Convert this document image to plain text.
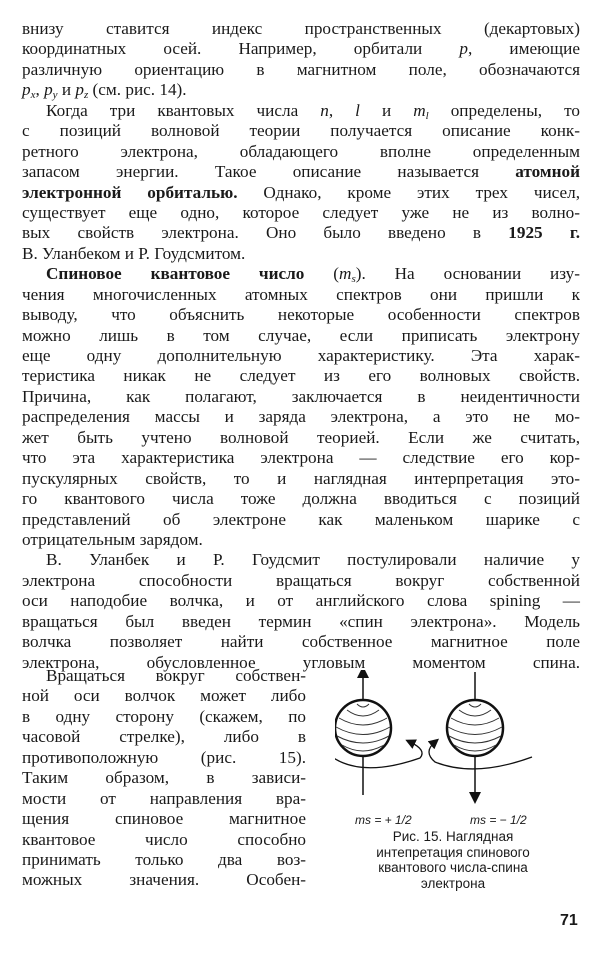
внизу ставится индекс пространственных (декартовых)
координатных осей. Например, орбитали p, имеющие
различную ориентацию в магнитном поле, обозначаются
$p_x$, $p_y$ и $p_z$ (см. рис. 14).
Когда три квантовых числа n, l и $m_l$ определены, то
с позиций волновой теории получается описание конк-
ретного электрона, обладающего вполне определенным
запасом энергии. Такое описание называется атомной
электронной орбиталью. Однако, кроме этих трех чисел,
существует еще одно, которое следует уже не из волно-
вых свойств электрона. Оно было введено в 1925 г.
В. Уланбеком и Р. Гоудсмитом.
Спиновое квантовое число $(m_s)$. На основании изу-
чения многочисленных атомных спектров они пришли к
выводу, что объяснить некоторые особенности спектров
можно лишь в том случае, если приписать электрону
еще одну дополнительную характеристику. Эта харак-
теристика никак не следует из его волновых свойств.
Причина, как полагают, заключается в неидентичности
распределения массы и заряда электрона, а это не мо-
жет быть учтено волновой теорией. Если же считать,
что эта характеристика электрона — следствие его кор-
пускулярных свойств, то и наглядная интерпретация это-
го квантового числа тоже должна вводиться с позиций
представлений об электроне как маленьком шарике с
отрицательным зарядом.
В. Уланбек и Р. Гоудсмит постулировали наличие у
электрона способности вращаться вокруг собственной
оси наподобие волчка, и от английского слова spining —
вращаться был введен термин «спин электрона». Модель
волчка позволяет найти собственное магнитное поле
электрона, обусловленное угловым моментом спина.
Вращаться вокруг собствен-
ной оси волчок может либо
в одну сторону (скажем, по
часовой стрелке), либо в
противоположную (рис. 15).
Таким образом, в зависи-
мости от направления вра-
щения спиновое магнитное
квантовое число способно
принимать только два воз-
можных значения. Особен-
ms = + 1/2	ms = − 1/2
Рис. 15. Наглядная
интепретация спинового
квантового числа-спина
электрона
71
